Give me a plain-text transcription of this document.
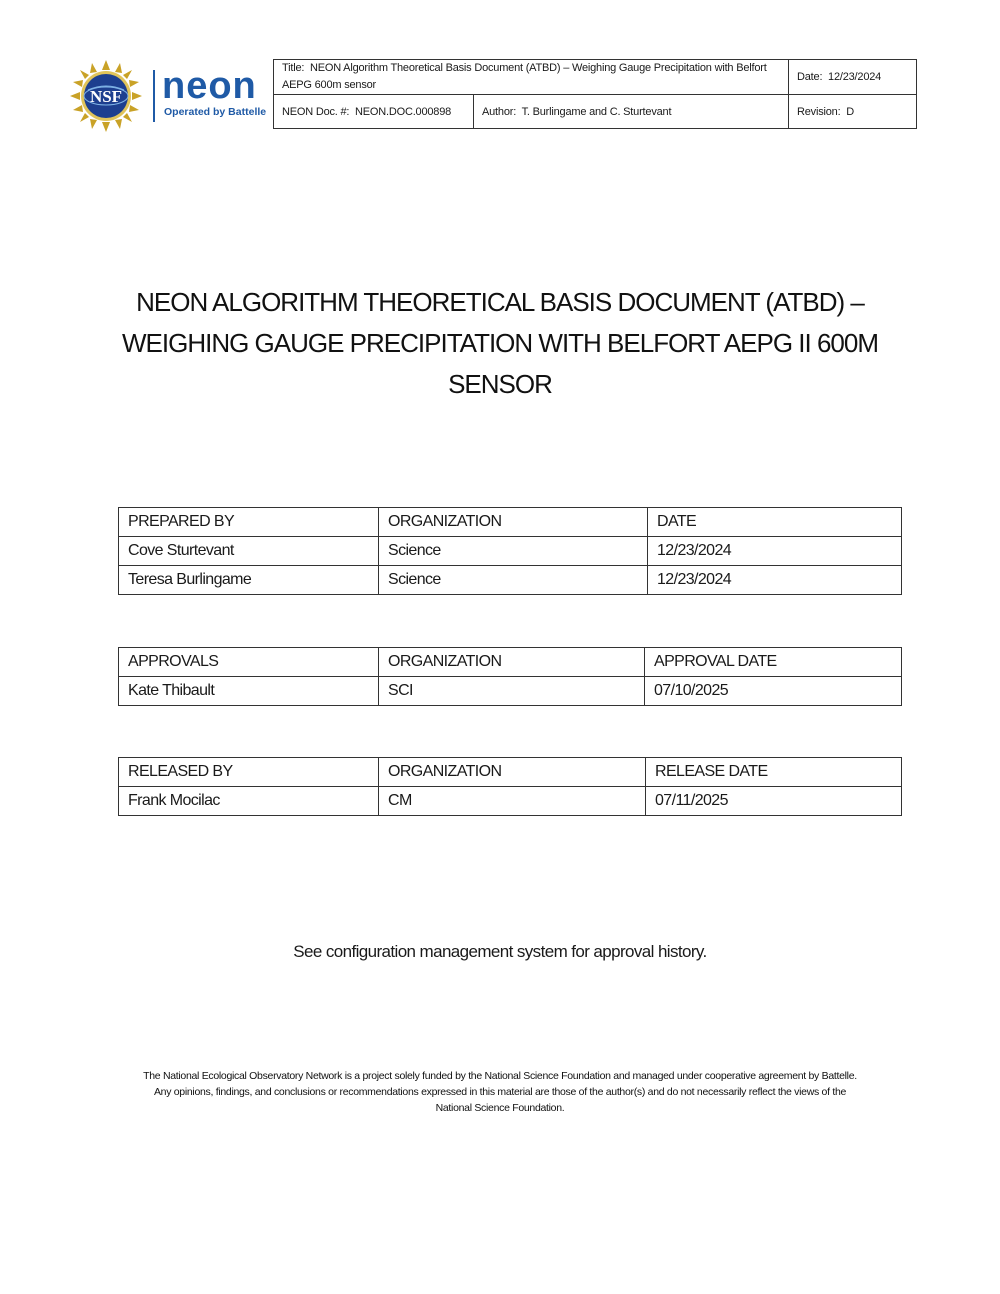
NSF neon
Operated by Battelle
Title: NEON Algorithm Theoretical Basis Document (ATBD) – Weighing Gauge Precipitation with Belfort AEPG 600m sensor		Date: 12/23/2024
NEON Doc. #: NEON.DOC.000898	Author: T. Burlingame and C. Sturtevant	Revision: D
NEON ALGORITHM THEORETICAL BASIS DOCUMENT (ATBD) – WEIGHING GAUGE PRECIPITATION WITH BELFORT AEPG II 600M SENSOR
PREPARED BY	ORGANIZATION	DATE
Cove Sturtevant	Science	12/23/2024
Teresa Burlingame	Science	12/23/2024
APPROVALS	ORGANIZATION	APPROVAL DATE
Kate Thibault	SCI	07/10/2025
RELEASED BY	ORGANIZATION	RELEASE DATE
Frank Mocilac	CM	07/11/2025
See configuration management system for approval history.
The National Ecological Observatory Network is a project solely funded by the National Science Foundation and managed under cooperative agreement by Battelle.
Any opinions, findings, and conclusions or recommendations expressed in this material are those of the author(s) and do not necessarily reflect the views of the
National Science Foundation.
